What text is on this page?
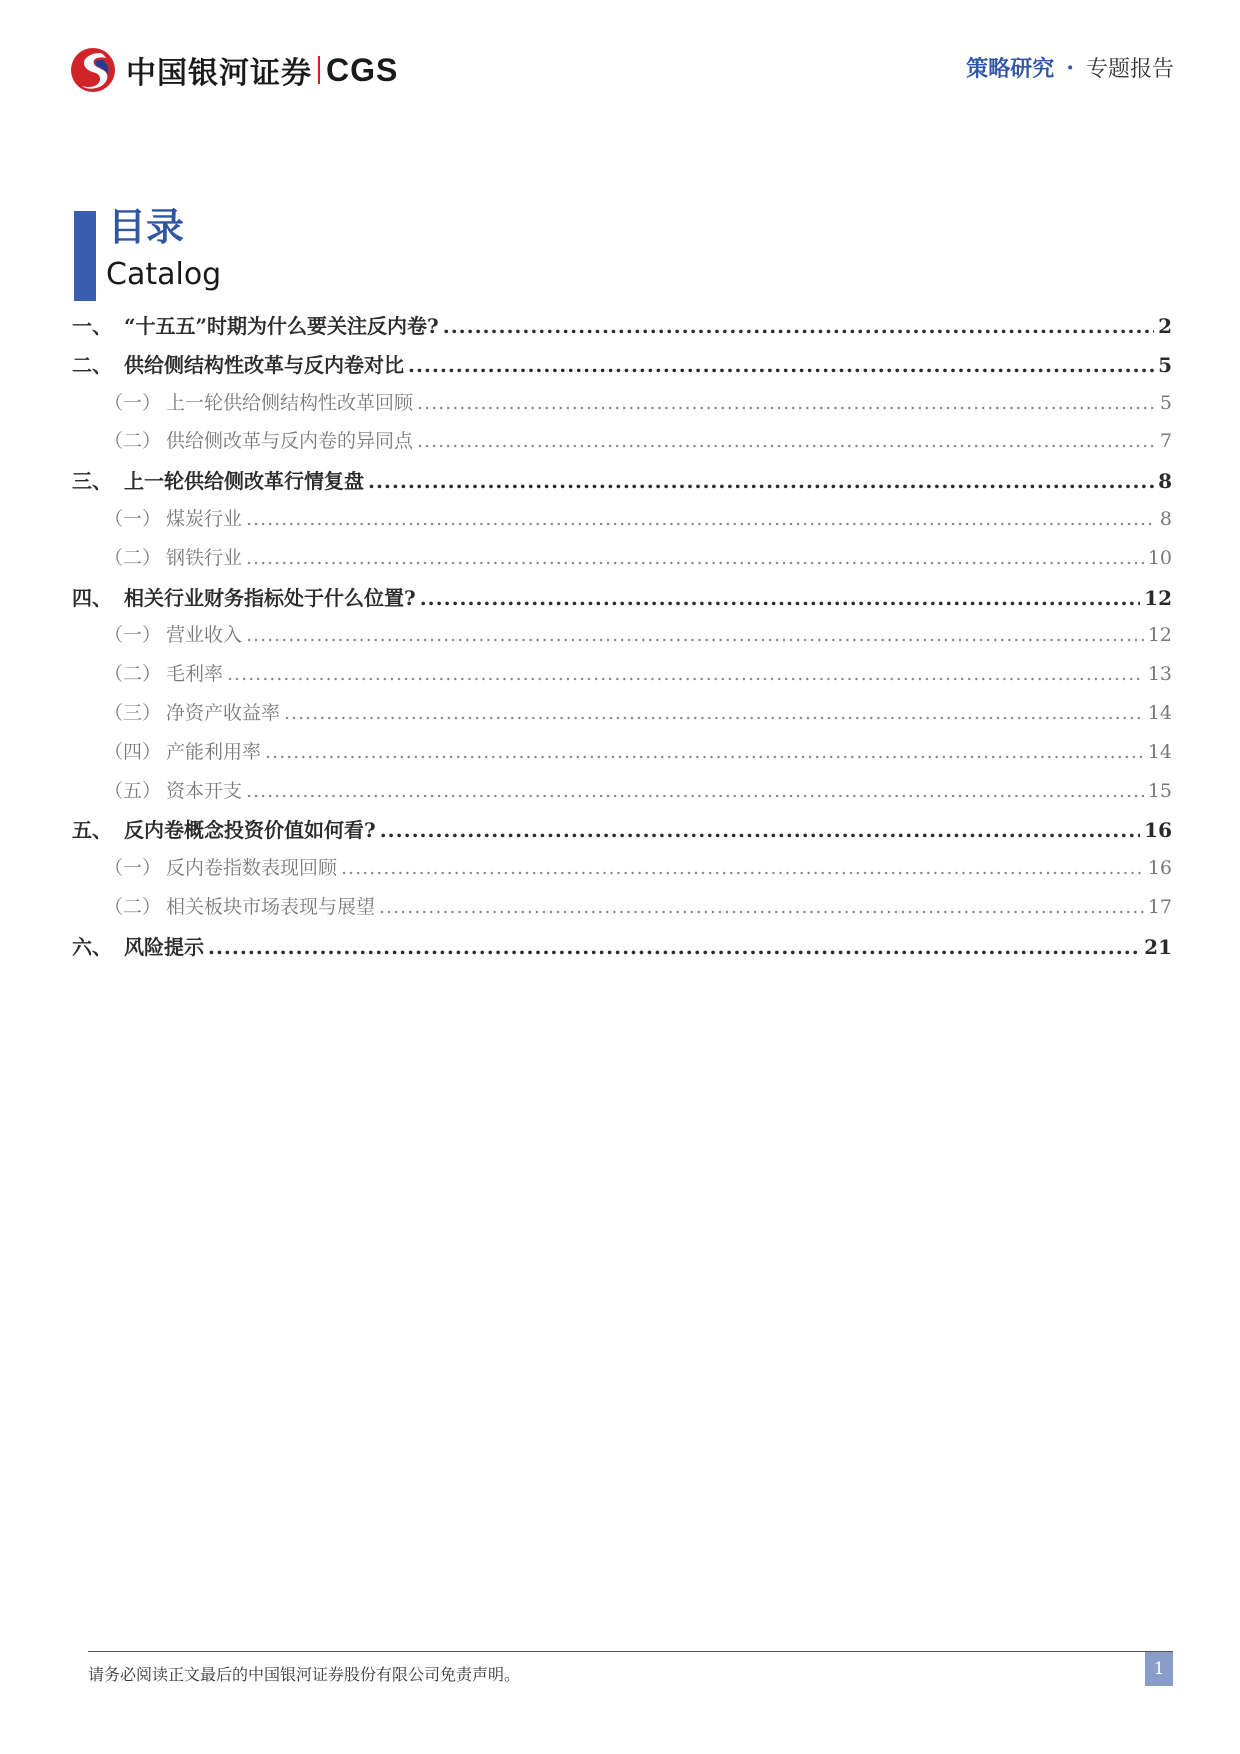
中国银河证券 CGS	策略研究 · 专题报告
目录
Catalog
一、 “十五五”时期为什么要关注反内卷? .....	2
二、 供给侧结构性改革与反内卷对比 .....	5
（一） 上一轮供给侧结构性改革回顾 .....	5
（二） 供给侧改革与反内卷的异同点 .....	7
三、 上一轮供给侧改革行情复盘 .....	8
（一） 煤炭行业 .....	8
（二） 钢铁行业 .....	10
四、 相关行业财务指标处于什么位置? .....	12
（一） 营业收入 .....	12
（二） 毛利率 .....	13
（三） 净资产收益率 .....	14
（四） 产能利用率 .....	14
（五） 资本开支 .....	15
五、 反内卷概念投资价值如何看? .....	16
（一） 反内卷指数表现回顾 .....	16
（二） 相关板块市场表现与展望 .....	17
六、 风险提示 .....	21
请务必阅读正文最后的中国银河证券股份有限公司免责声明。	1
